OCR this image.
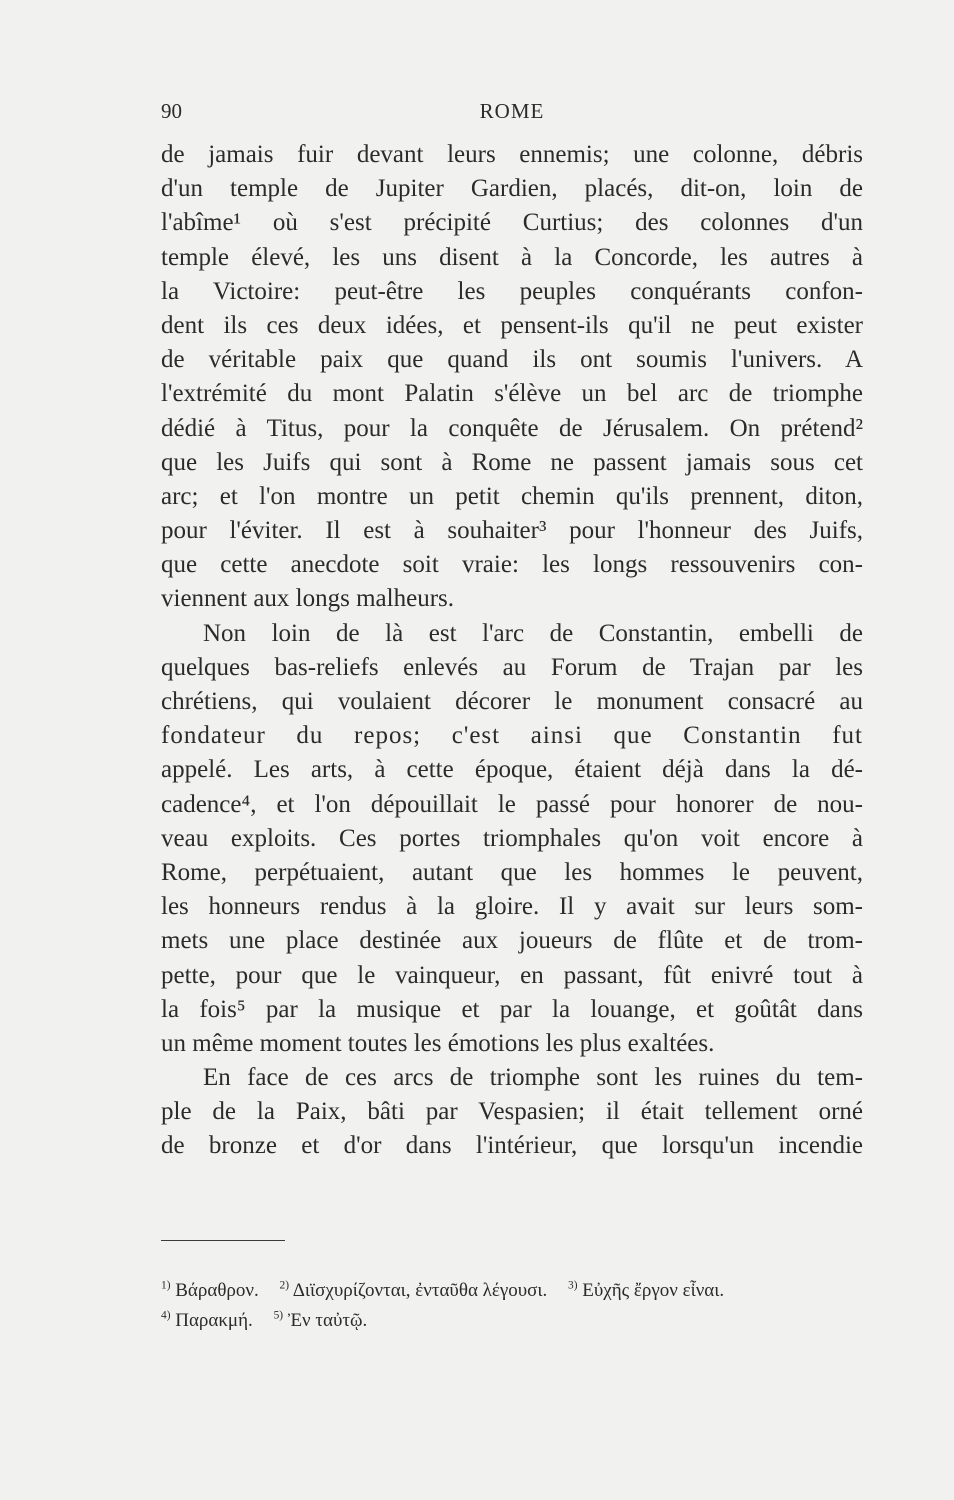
90	ROME
de jamais fuir devant leurs ennemis; une colonne, débris
d'un temple de Jupiter Gardien, placés, dit-on, loin de
l'abîme¹ où s'est précipité Curtius; des colonnes d'un
temple élevé, les uns disent à la Concorde, les autres à
la Victoire: peut-être les peuples conquérants confon-
dent ils ces deux idées, et pensent-ils qu'il ne peut exister
de véritable paix que quand ils ont soumis l'univers. A
l'extrémité du mont Palatin s'élève un bel arc de triomphe
dédié à Titus, pour la conquête de Jérusalem. On prétend²
que les Juifs qui sont à Rome ne passent jamais sous cet
arc; et l'on montre un petit chemin qu'ils prennent, diton,
pour l'éviter. Il est à souhaiter³ pour l'honneur des Juifs,
que cette anecdote soit vraie: les longs ressouvenirs con-
viennent aux longs malheurs.
Non loin de là est l'arc de Constantin, embelli de
quelques bas-reliefs enlevés au Forum de Trajan par les
chrétiens, qui voulaient décorer le monument consacré au
fondateur du repos; c'est ainsi que Constantin fut
appelé. Les arts, à cette époque, étaient déjà dans la dé-
cadence⁴, et l'on dépouillait le passé pour honorer de nou-
veau exploits. Ces portes triomphales qu'on voit encore à
Rome, perpétuaient, autant que les hommes le peuvent,
les honneurs rendus à la gloire. Il y avait sur leurs som-
mets une place destinée aux joueurs de flûte et de trom-
pette, pour que le vainqueur, en passant, fût enivré tout à
la fois⁵ par la musique et par la louange, et goûtât dans
un même moment toutes les émotions les plus exaltées.
En face de ces arcs de triomphe sont les ruines du tem-
ple de la Paix, bâti par Vespasien; il était tellement orné
de bronze et d'or dans l'intérieur, que lorsqu'un incendie
$^{1)}$ Βάραθρον. $^{2)}$ Διϊσχυρίζονται, ἐνταῦθα λέγουσι. $^{3)}$ Εὐχῆς ἔργον εἶναι.
$^{4)}$ Παρακμή. $^{5)}$ Ἐν ταὐτῷ.
